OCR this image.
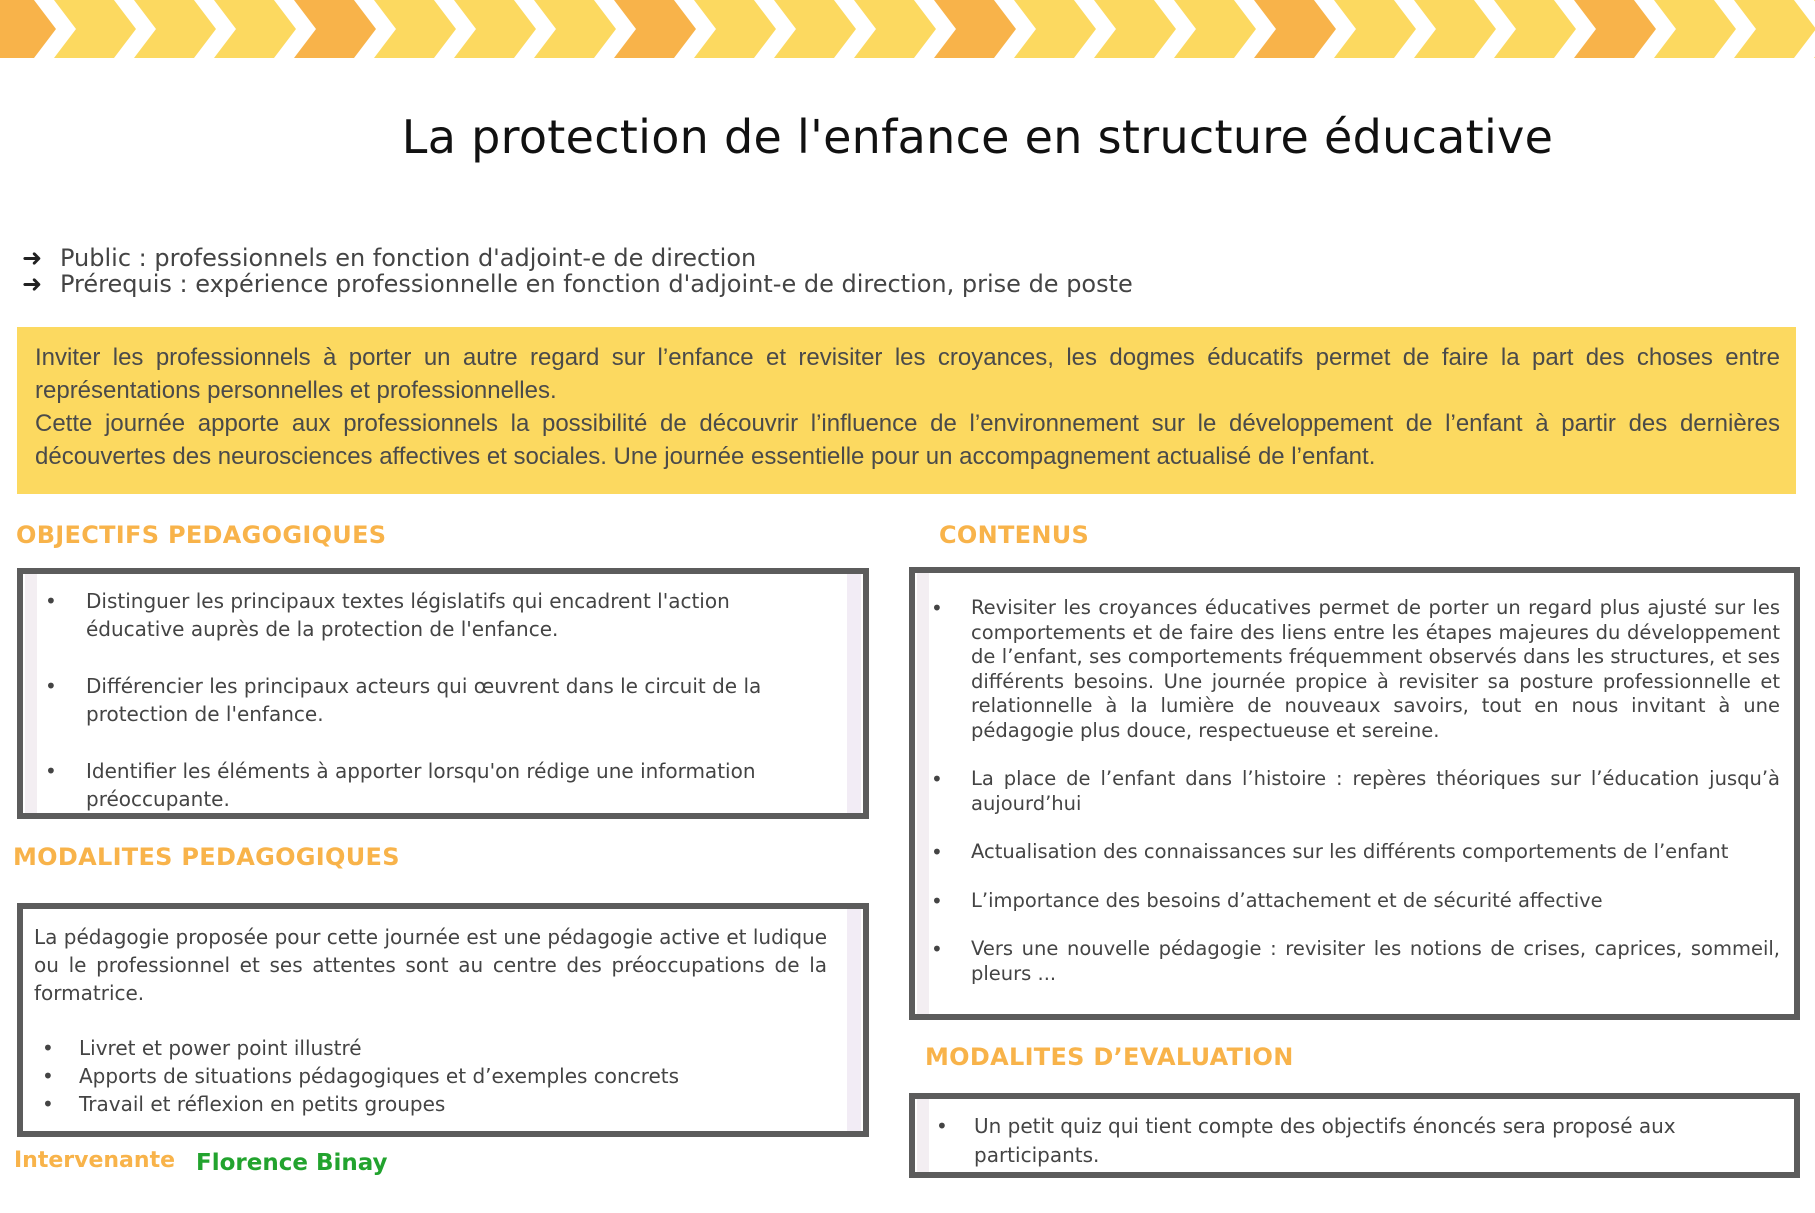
La protection de l'enfance en structure éducative
➜ Public : professionnels en fonction d'adjoint-e de direction
➜ Prérequis : expérience professionnelle en fonction d'adjoint-e de direction, prise de poste

Inviter les professionnels à porter un autre regard sur l’enfance et revisiter les croyances, les dogmes éducatifs permet de faire la part des choses entre représentations personnelles et professionnelles.

Cette journée apporte aux professionnels la possibilité de découvrir l’influence de l’environnement sur le développement de l’enfant à partir des dernières découvertes des neurosciences affectives et sociales. Une journée essentielle pour un accompagnement actualisé de l’enfant.

OBJECTIFS PEDAGOGIQUES
• Distinguer les principaux textes législatifs qui encadrent l'action éducative auprès de la protection de l'enfance.
• Différencier les principaux acteurs qui œuvrent dans le circuit de la protection de l'enfance.
• Identifier les éléments à apporter lorsqu'on rédige une information préoccupante.
MODALITES PEDAGOGIQUES

La pédagogie proposée pour cette journée est une pédagogie active et ludique ou le professionnel et ses attentes sont au centre des préoccupations de la formatrice.

• Livret et power point illustré
• Apports de situations pédagogiques et d’exemples concrets
• Travail et réflexion en petits groupes
CONTENUS
• Revisiter les croyances éducatives permet de porter un regard plus ajusté sur les comportements et de faire des liens entre les étapes majeures du développement de l’enfant, ses comportements fréquemment observés dans les structures, et ses différents besoins. Une journée propice à revisiter sa posture professionnelle et relationnelle à la lumière de nouveaux savoirs, tout en nous invitant à une pédagogie plus douce, respectueuse et sereine.
• La place de l’enfant dans l’histoire : repères théoriques sur l’éducation jusqu’à aujourd’hui
• Actualisation des connaissances sur les différents comportements de l’enfant
• L’importance des besoins d’attachement et de sécurité affective
• Vers une nouvelle pédagogie : revisiter les notions de crises, caprices, sommeil, pleurs ...
MODALITES D’EVALUATION
• Un petit quiz qui tient compte des objectifs énoncés sera proposé aux participants.
Intervenante Florence Binay
